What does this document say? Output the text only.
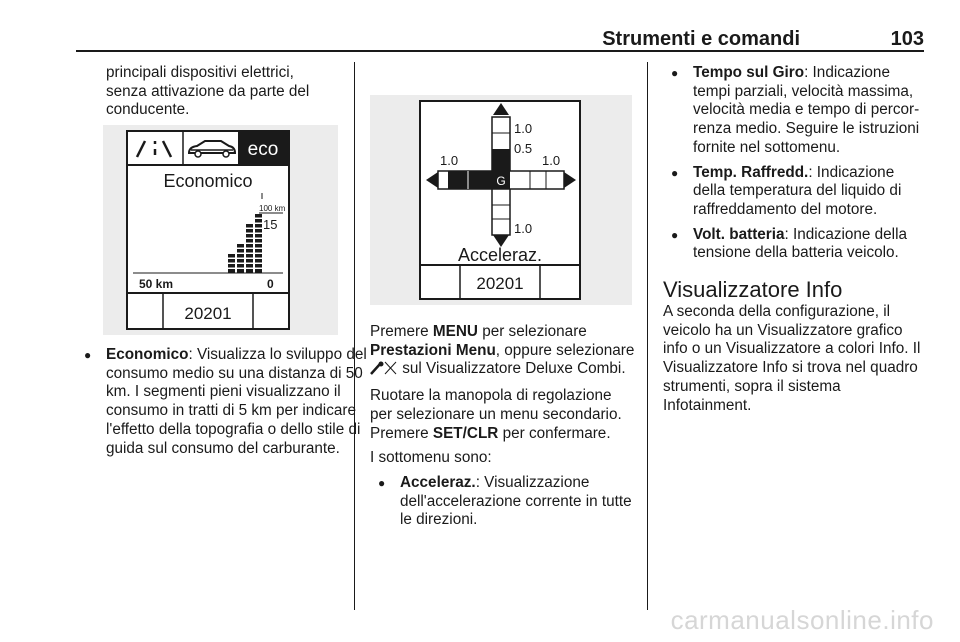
Strumenti e comandi	103
principali dispositivi elettrici, senza attivazione da parte del conducente.
eco
Economico
100 km
15
50 km	0
20201
● Economico: Visualizza lo sviluppo del consumo medio su una distanza di 50 km. I segmenti pieni visualizzano il consumo in tratti di 5 km per indicare l'effetto della topografia o dello stile di guida sul consumo del carburante.
1.0
0.5
1.0	1.0
1.0
G
Acceleraz.
20201

Premere MENU per selezionare Prestazioni Menu, oppure selezionare  sul Visualizzatore Deluxe Combi.

Ruotare la manopola di regolazione per selezionare un menu secondario. Premere SET/CLR per confermare.

I sottomenu sono:

● Acceleraz.: Visualizzazione dell'accelerazione corrente in tutte le direzioni.
● Tempo sul Giro: Indicazione tempi parziali, velocità massima, velocità media e tempo di percorrenza medio. Seguire le istruzioni fornite nel sottomenu.
● Temp. Raffredd.: Indicazione della temperatura del liquido di raffreddamento del motore.
● Volt. batteria: Indicazione della tensione della batteria veicolo.
Visualizzatore Info
A seconda della configurazione, il veicolo ha un Visualizzatore grafico info o un Visualizzatore a colori Info. Il Visualizzatore Info si trova nel quadro strumenti, sopra il sistema Infotainment.
carmanualsonline.info
